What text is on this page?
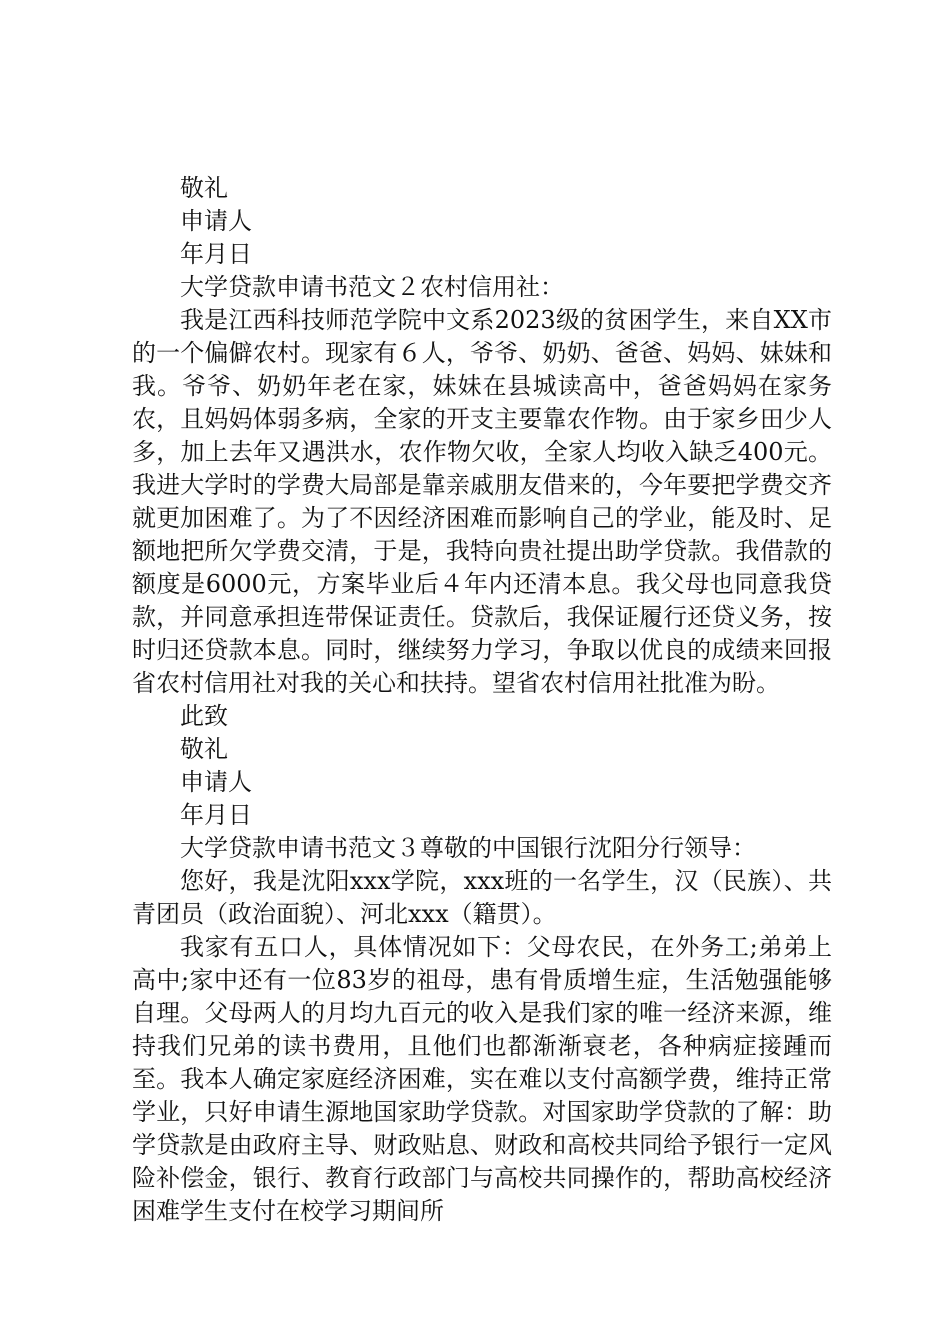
敬礼

申请人

年月日

大学贷款申请书范文２农村信用社：

我是江西科技师范学院中文系2023级的贫困学生，来自XX市的一个偏僻农村。现家有６人，爷爷、奶奶、爸爸、妈妈、妹妹和我。爷爷、奶奶年老在家，妹妹在县城读高中，爸爸妈妈在家务农，且妈妈体弱多病，全家的开支主要靠农作物。由于家乡田少人多，加上去年又遇洪水，农作物欠收，全家人均收入缺乏400元。我进大学时的学费大局部是靠亲戚朋友借来的，今年要把学费交齐就更加困难了。为了不因经济困难而影响自己的学业，能及时、足额地把所欠学费交清，于是，我特向贵社提出助学贷款。我借款的额度是6000元，方案毕业后４年内还清本息。我父母也同意我贷款，并同意承担连带保证责任。贷款后，我保证履行还贷义务，按时归还贷款本息。同时，继续努力学习，争取以优良的成绩来回报省农村信用社对我的关心和扶持。望省农村信用社批准为盼。

此致

敬礼

申请人

年月日

大学贷款申请书范文３尊敬的中国银行沈阳分行领导：

您好，我是沈阳xxx学院，xxx班的一名学生，汉（民族）、共青团员（政治面貌）、河北xxx（籍贯）。

我家有五口人，具体情况如下：父母农民，在外务工;弟弟上高中;家中还有一位83岁的祖母，患有骨质增生症，生活勉强能够自理。父母两人的月均九百元的收入是我们家的唯一经济来源，维持我们兄弟的读书费用，且他们也都渐渐衰老，各种病症接踵而至。我本人确定家庭经济困难，实在难以支付高额学费，维持正常学业，只好申请生源地国家助学贷款。对国家助学贷款的了解：助学贷款是由政府主导、财政贴息、财政和高校共同给予银行一定风险补偿金，银行、教育行政部门与高校共同操作的，帮助高校经济困难学生支付在校学习期间所
